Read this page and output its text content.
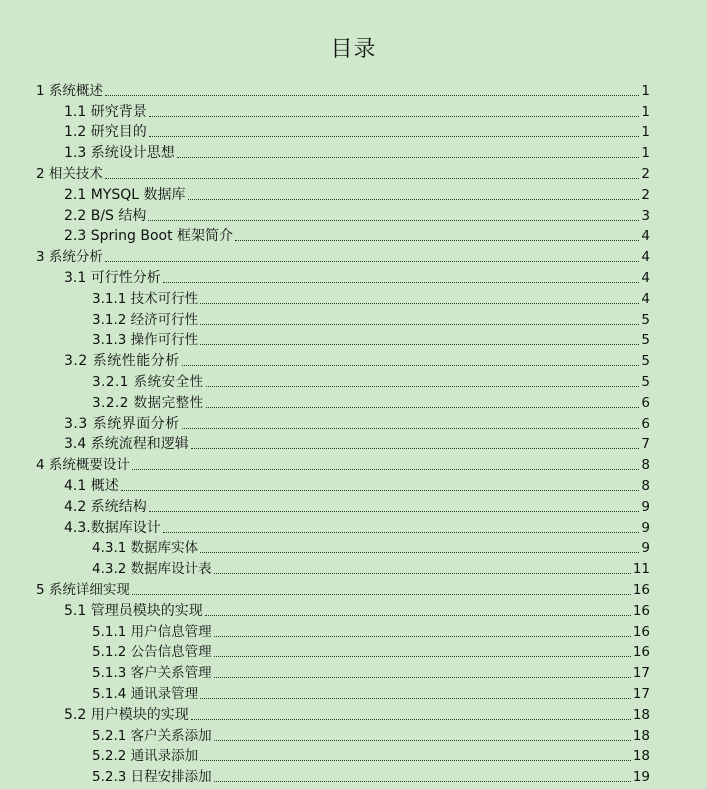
目录
1 系统概述	1
1.1 研究背景	1
1.2 研究目的	1
1.3 系统设计思想	1
2 相关技术	2
2.1 MYSQL 数据库	2
2.2 B/S 结构	3
2.3 Spring Boot 框架简介	4
3 系统分析	4
3.1 可行性分析	4
3.1.1 技术可行性	4
3.1.2 经济可行性	5
3.1.3 操作可行性	5
3.2 系统性能分析	5
3.2.1 系统安全性	5
3.2.2 数据完整性	6
3.3 系统界面分析	6
3.4 系统流程和逻辑	7
4 系统概要设计	8
4.1 概述	8
4.2 系统结构	9
4.3.数据库设计	9
4.3.1 数据库实体	9
4.3.2 数据库设计表	11
5 系统详细实现	16
5.1 管理员模块的实现	16
5.1.1 用户信息管理	16
5.1.2 公告信息管理	16
5.1.3 客户关系管理	17
5.1.4 通讯录管理	17
5.2 用户模块的实现	18
5.2.1 客户关系添加	18
5.2.2 通讯录添加	18
5.2.3 日程安排添加	19
